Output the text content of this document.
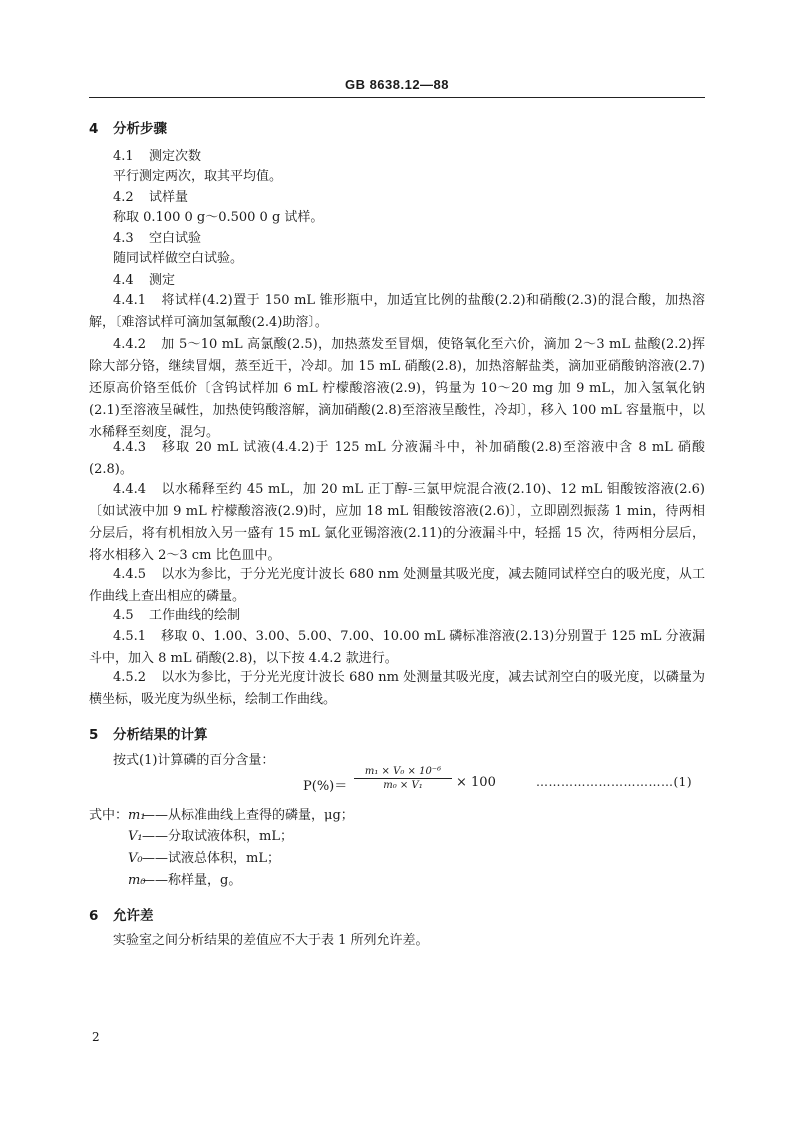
GB 8638.12—88
4 分析步骤
4.1 测定次数
平行测定两次，取其平均值。
4.2 试样量
称取 0.100 0 g～0.500 0 g 试样。
4.3 空白试验
随同试样做空白试验。
4.4 测定
4.4.1 将试样(4.2)置于 150 mL 锥形瓶中，加适宜比例的盐酸(2.2)和硝酸(2.3)的混合酸，加热溶解，〔难溶试样可滴加氢氟酸(2.4)助溶〕。
4.4.2 加 5～10 mL 高氯酸(2.5)，加热蒸发至冒烟，使铬氧化至六价，滴加 2～3 mL 盐酸(2.2)挥除大部分铬，继续冒烟，蒸至近干，冷却。加 15 mL 硝酸(2.8)，加热溶解盐类，滴加亚硝酸钠溶液(2.7)还原高价铬至低价〔含钨试样加 6 mL 柠檬酸溶液(2.9)，钨量为 10～20 mg 加 9 mL，加入氢氧化钠(2.1)至溶液呈碱性，加热使钨酸溶解，滴加硝酸(2.8)至溶液呈酸性，冷却〕，移入 100 mL 容量瓶中，以水稀释至刻度，混匀。
4.4.3 移取 20 mL 试液(4.4.2)于 125 mL 分液漏斗中，补加硝酸(2.8)至溶液中含 8 mL 硝酸(2.8)。
4.4.4 以水稀释至约 45 mL，加 20 mL 正丁醇-三氯甲烷混合液(2.10)、12 mL 钼酸铵溶液(2.6)〔如试液中加 9 mL 柠檬酸溶液(2.9)时，应加 18 mL 钼酸铵溶液(2.6)〕，立即剧烈振荡 1 min，待两相分层后，将有机相放入另一盛有 15 mL 氯化亚锡溶液(2.11)的分液漏斗中，轻摇 15 次，待两相分层后，将水相移入 2～3 cm 比色皿中。
4.4.5 以水为参比，于分光光度计波长 680 nm 处测量其吸光度，减去随同试样空白的吸光度，从工作曲线上查出相应的磷量。
4.5 工作曲线的绘制
4.5.1 移取 0、1.00、3.00、5.00、7.00、10.00 mL 磷标准溶液(2.13)分别置于 125 mL 分液漏斗中，加入 8 mL 硝酸(2.8)，以下按 4.4.2 款进行。
4.5.2 以水为参比，于分光光度计波长 680 nm 处测量其吸光度，减去试剂空白的吸光度，以磷量为横坐标，吸光度为纵坐标，绘制工作曲线。
5 分析结果的计算
按式(1)计算磷的百分含量：
$P(\%)= \frac{\text{m₁ × V₀ × 10⁻⁶}}{\text{m₀ × V₁}} \times 100$	……………………………(1)
式中：m₁——从标准曲线上查得的磷量，μg；
V₁——分取试液体积，mL；
V₀——试液总体积，mL；
m₀——称样量，g。
6 允许差
实验室之间分析结果的差值应不大于表 1 所列允许差。
2
